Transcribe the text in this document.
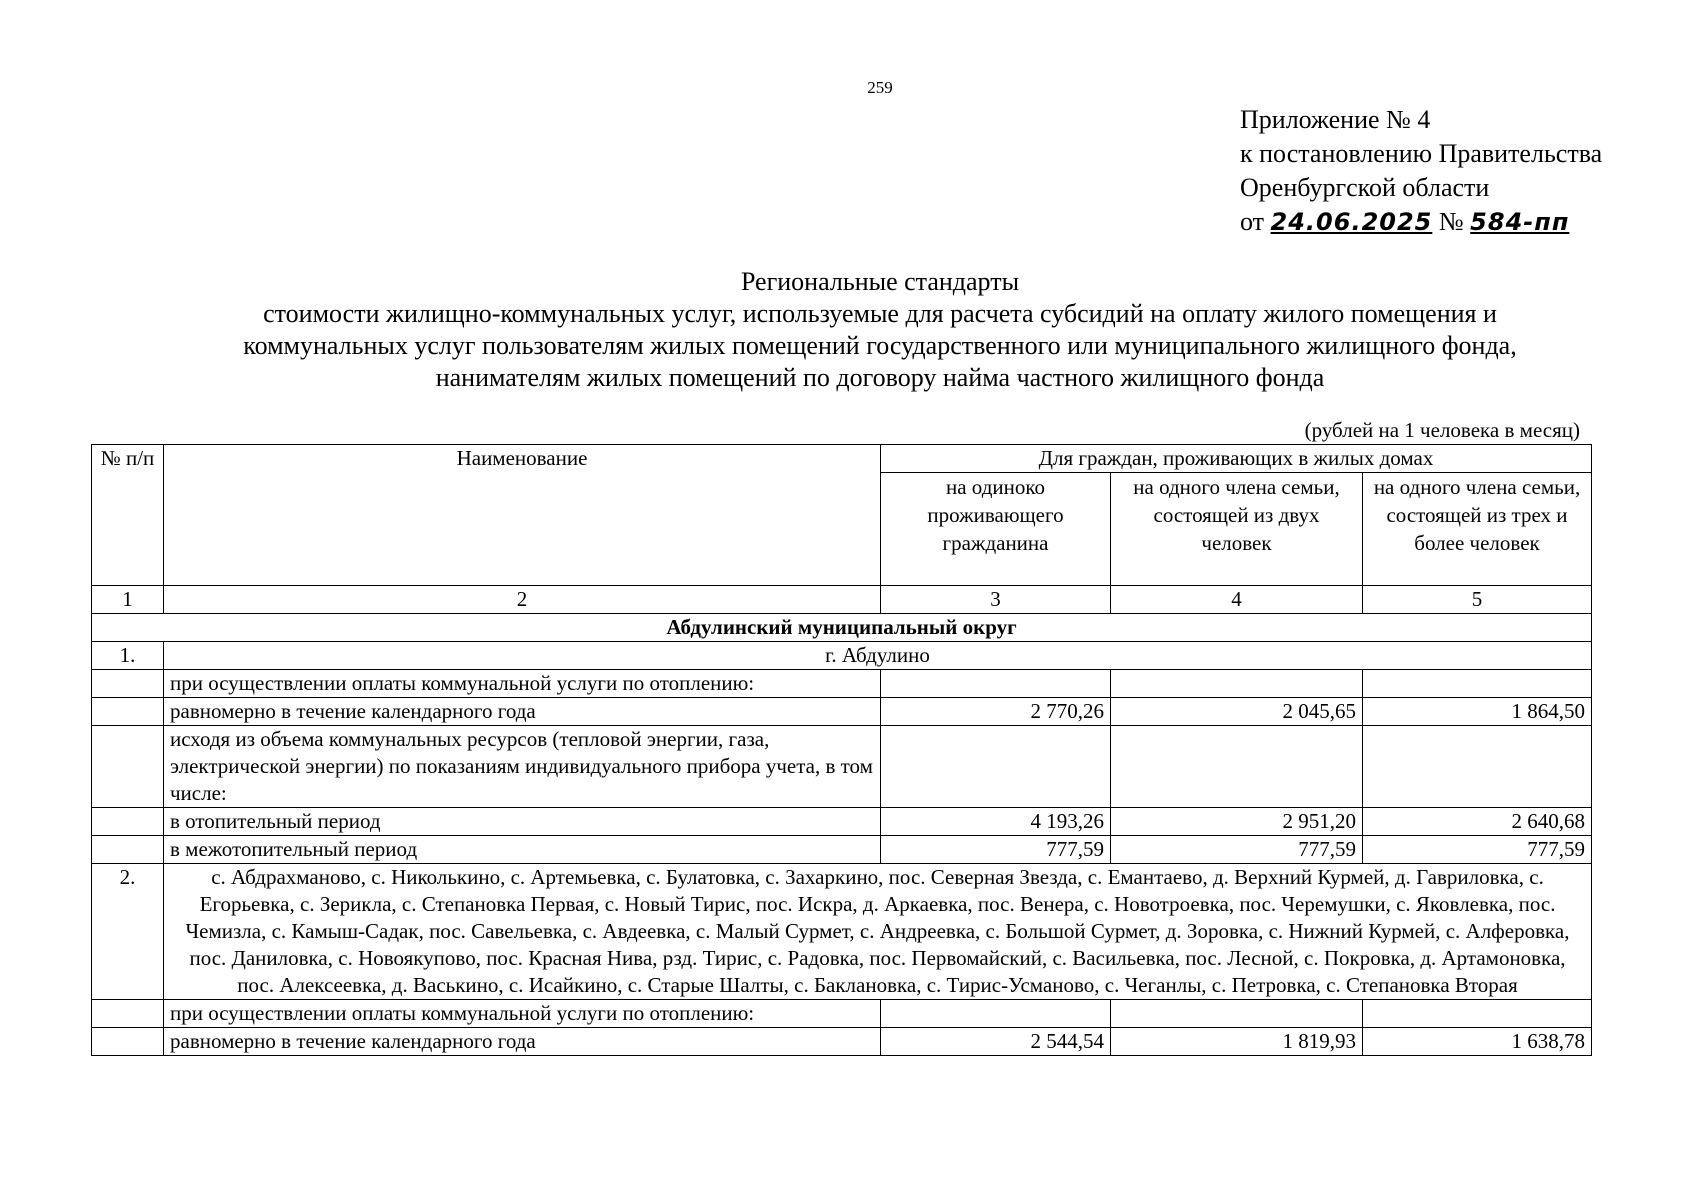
259
Приложение № 4
к постановлению Правительства
Оренбургской области
от 24.06.2025 № 584-пп
Региональные стандарты
стоимости жилищно-коммунальных услуг, используемые для расчета субсидий на оплату жилого помещения и
коммунальных услуг пользователям жилых помещений государственного или муниципального жилищного фонда,
нанимателям жилых помещений по договору найма частного жилищного фонда
(рублей на 1 человека в месяц)
№ п/п	Наименование	Для граждан, проживающих в жилых домах		
		на одиноко проживающего гражданина	на одного члена семьи, состоящей из двух человек	на одного члена семьи, состоящей из трех и более человек
1	2	3	4	5
Абдулинский муниципальный округ				
1.	г. Абдулино			
	при осуществлении оплаты коммунальной услуги по отоплению:			
	равномерно в течение календарного года	2 770,26	2 045,65	1 864,50
	исходя из объема коммунальных ресурсов (тепловой энергии, газа, электрической энергии) по показаниям индивидуального прибора учета, в том числе:			
	в отопительный период	4 193,26	2 951,20	2 640,68
	в межотопительный период	777,59	777,59	777,59
2.	с. Абдрахманово, с. Николькино, с. Артемьевка, с. Булатовка, с. Захаркино, пос. Северная Звезда, с. Емантаево, д. Верхний Курмей, д. Гавриловка, с. Егорьевка, с. Зерикла, с. Степановка Первая, с. Новый Тирис, пос. Искра, д. Аркаевка, пос. Венера, с. Новотроевка, пос. Черемушки, с. Яковлевка, пос. Чемизла, с. Камыш-Садак, пос. Савельевка, с. Авдеевка, с. Малый Сурмет, с. Андреевка, с. Большой Сурмет, д. Зоровка, с. Нижний Курмей, с. Алферовка, пос. Даниловка, с. Новоякупово, пос. Красная Нива, рзд. Тирис, с. Радовка, пос. Первомайский, с. Васильевка, пос. Лесной, с. Покровка, д. Артамоновка, пос. Алексеевка, д. Васькино, с. Исайкино, с. Старые Шалты, с. Баклановка, с. Тирис-Усманово, с. Чеганлы, с. Петровка, с. Степановка Вторая			
	при осуществлении оплаты коммунальной услуги по отоплению:			
	равномерно в течение календарного года	2 544,54	1 819,93	1 638,78
